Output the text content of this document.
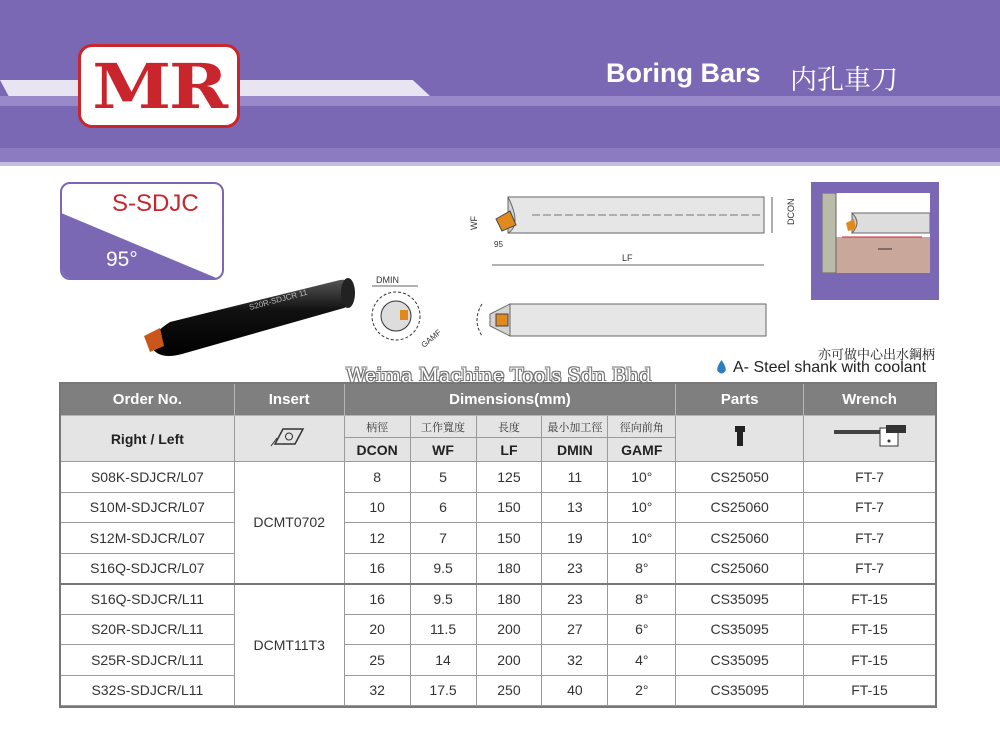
MR	Boring Bars 内孔車刀
S-SDJC
95°
S20R-SDJCR 11
DMIN
GAMF
WF	DCON
95
LF
亦可做中心出水鋼柄
A- Steel shank with coolant
Order No.	Insert	Dimensions(mm)					Parts	Wrench
Right / Left		柄徑	工作寬度	長度	最小加工徑	徑向前角		
		DCON	WF	LF	DMIN	GAMF		
S08K-SDJCR/L07	DCMT0702	8	5	125	11	10°	CS25050	FT-7
S10M-SDJCR/L07		10	6	150	13	10°	CS25060	FT-7
S12M-SDJCR/L07		12	7	150	19	10°	CS25060	FT-7
S16Q-SDJCR/L07		16	9.5	180	23	8°	CS25060	FT-7
S16Q-SDJCR/L11	DCMT11T3	16	9.5	180	23	8°	CS35095	FT-15
S20R-SDJCR/L11		20	11.5	200	27	6°	CS35095	FT-15
S25R-SDJCR/L11		25	14	200	32	4°	CS35095	FT-15
S32S-SDJCR/L11		32	17.5	250	40	2°	CS35095	FT-15
Weima Machine Tools Sdn Bhd
